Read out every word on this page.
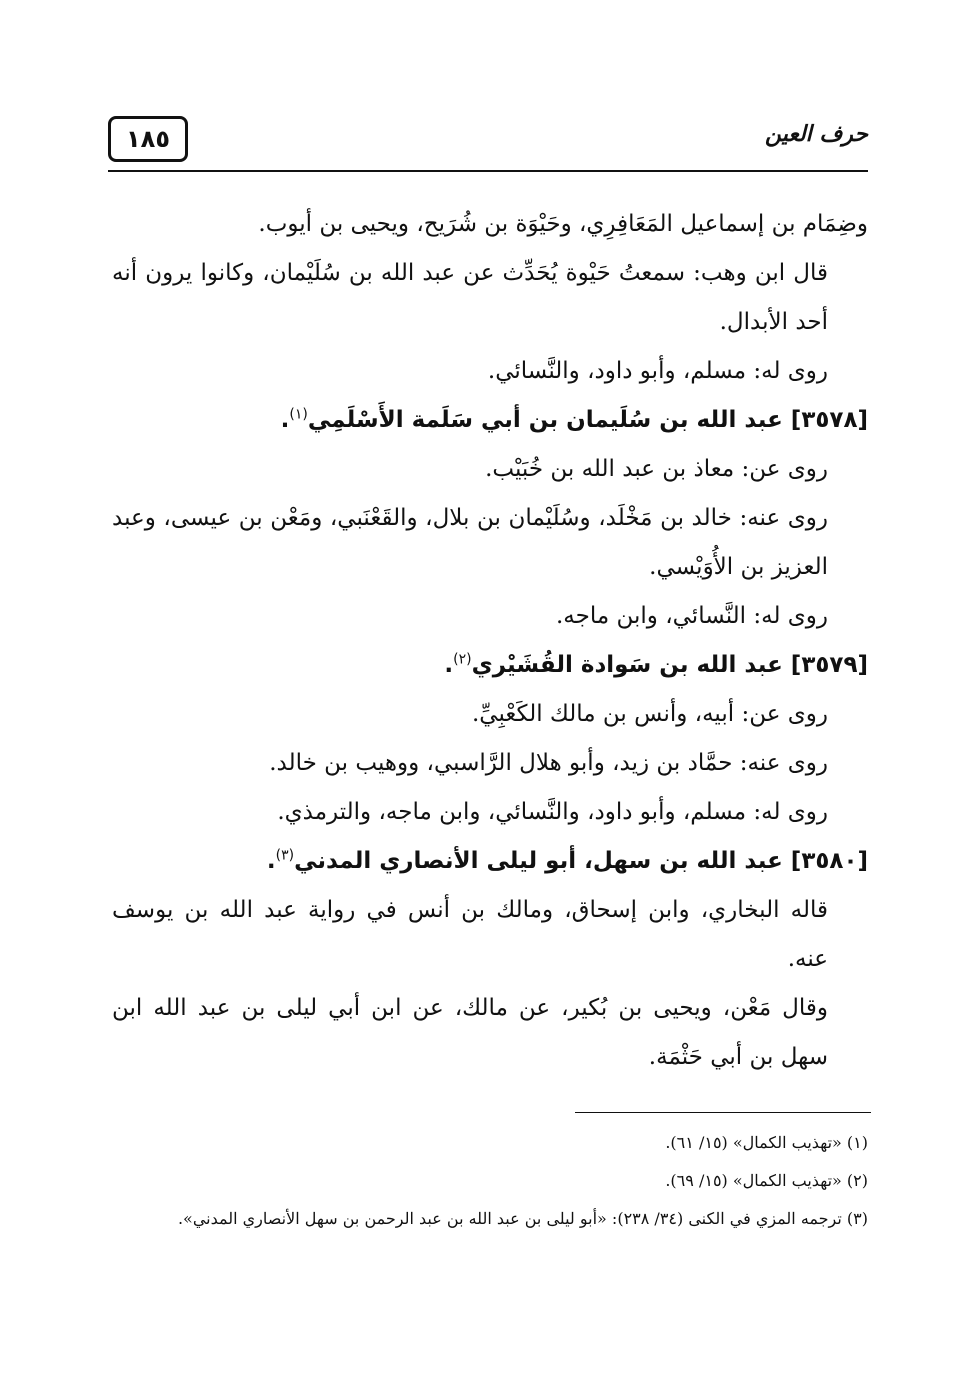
١٨٥	حرف العين

وضِمَام بن إسماعيل المَعَافِرِي، وحَيْوَة بن شُرَيح، ويحيى بن أيوب.

قال ابن وهب: سمعتُ حَيْوة يُحَدِّث عن عبد الله بن سُلَيْمان، وكانوا يرون أنه أحد الأبدال.

روى له: مسلم، وأبو داود، والنَّسائي.

[٣٥٧٨] عبد الله بن سُلَيمان بن أبي سَلَمة الأَسْلَمِي$^{(١)}$.

روى عن: معاذ بن عبد الله بن خُبَيْب.

روى عنه: خالد بن مَخْلَد، وسُلَيْمان بن بلال، والقَعْنَبي، ومَعْن بن عيسى، وعبد العزيز بن الأُوَيْسي.

روى له: النَّسائي، وابن ماجه.

[٣٥٧٩] عبد الله بن سَوادة القُشَيْري$^{(٢)}$.

روى عن: أبيه، وأنس بن مالك الكَعْبِيِّ.

روى عنه: حمَّاد بن زيد، وأبو هلال الرَّاسبي، ووهيب بن خالد.

روى له: مسلم، وأبو داود، والنَّسائي، وابن ماجه، والترمذي.

[٣٥٨٠] عبد الله بن سهل، أبو ليلى الأنصاري المدني$^{(٣)}$.

قاله البخاري، وابن إسحاق، ومالك بن أنس في رواية عبد الله بن يوسف عنه.

وقال مَعْن، ويحيى بن بُكير، عن مالك، عن ابن أبي ليلى بن عبد الله ابن سهل بن أبي حَثْمَة.

(١) «تهذيب الكمال» (١٥/ ٦١).

(٢) «تهذيب الكمال» (١٥/ ٦٩).

(٣) ترجمه المزي في الكنى (٣٤/ ٢٣٨): «أبو ليلى بن عبد الله بن عبد الرحمن بن سهل الأنصاري المدني».
